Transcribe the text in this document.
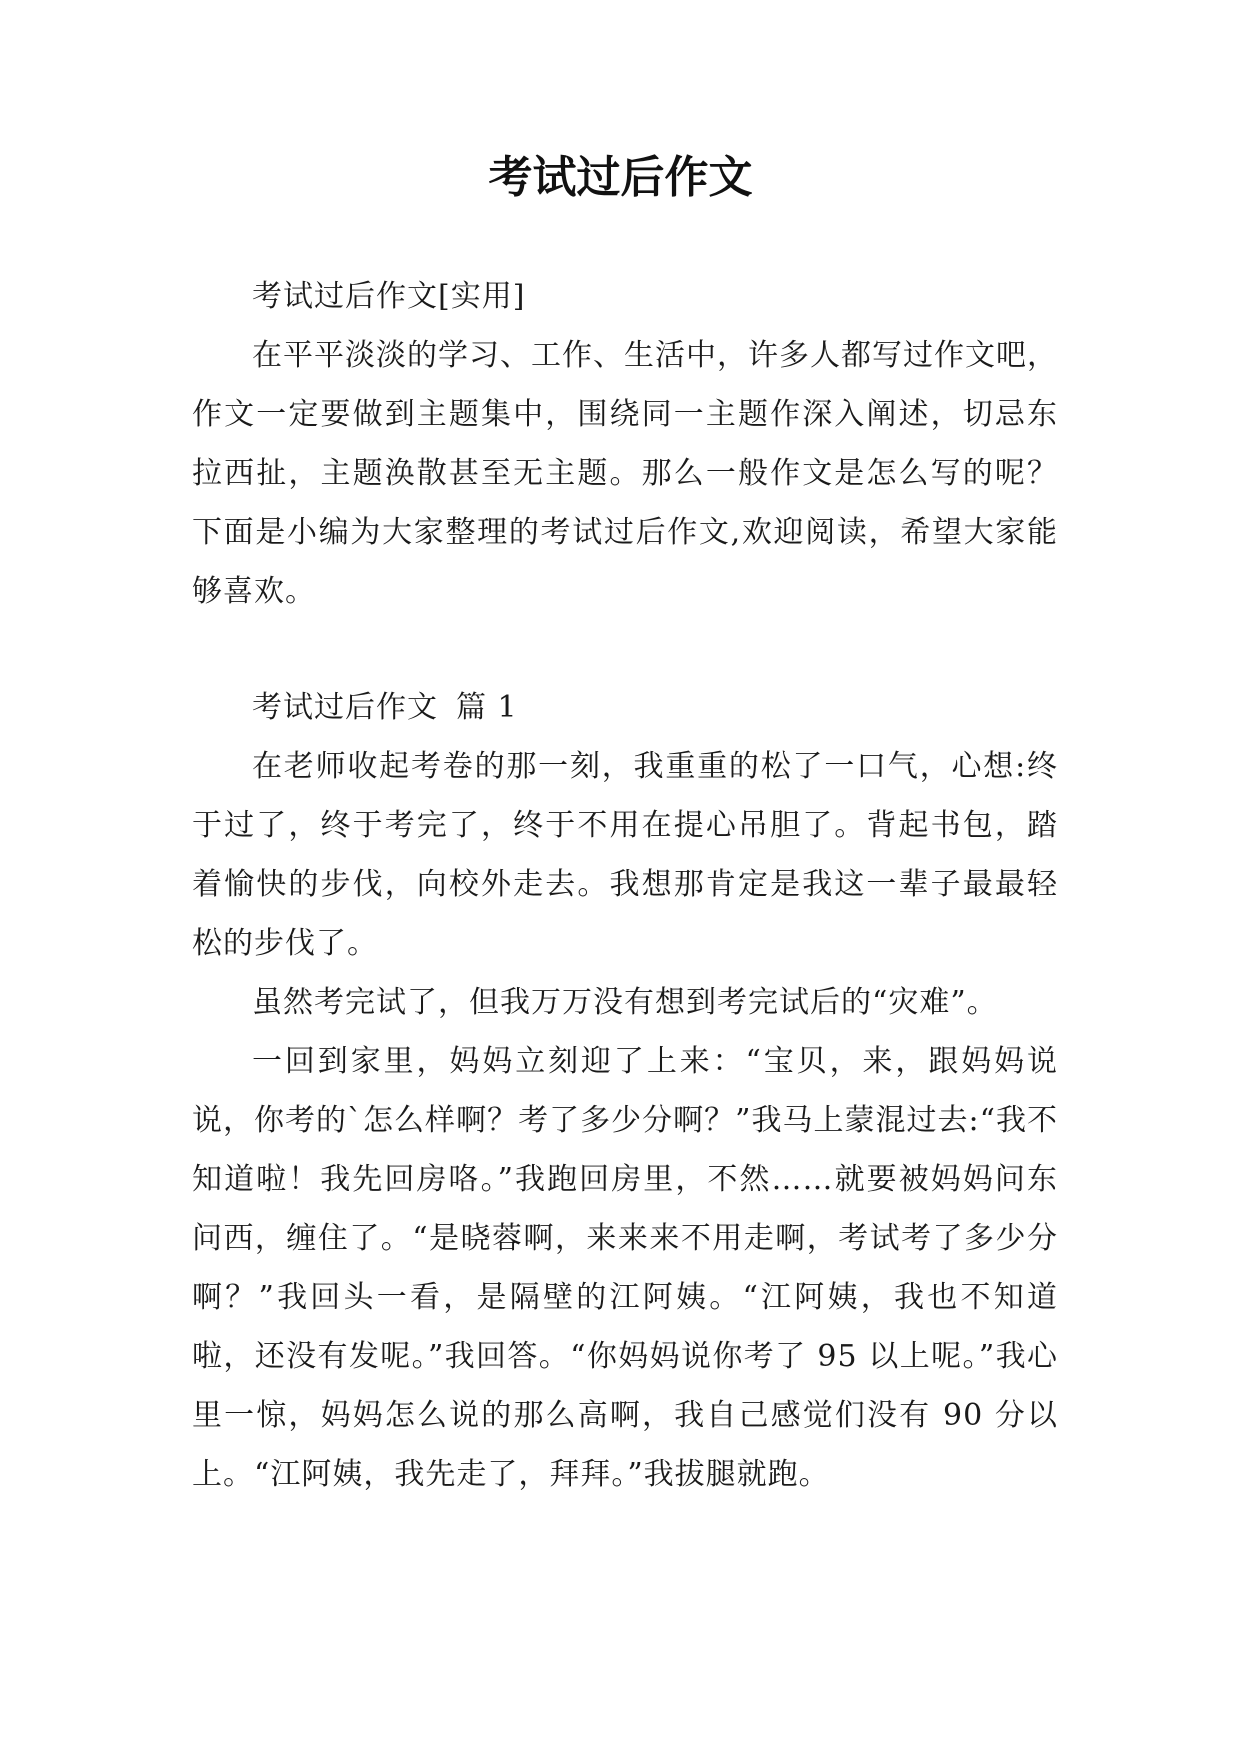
考试过后作文

考试过后作文[实用]

在平平淡淡的学习、工作、生活中，许多人都写过作文吧，作文一定要做到主题集中，围绕同一主题作深入阐述，切忌东拉西扯，主题涣散甚至无主题。那么一般作文是怎么写的呢？下面是小编为大家整理的考试过后作文,欢迎阅读，希望大家能够喜欢。

考试过后作文 篇 1

在老师收起考卷的那一刻，我重重的松了一口气，心想:终于过了，终于考完了，终于不用在提心吊胆了。背起书包，踏着愉快的步伐，向校外走去。我想那肯定是我这一辈子最最轻松的步伐了。

虽然考完试了，但我万万没有想到考完试后的“灾难”。

一回到家里，妈妈立刻迎了上来：“宝贝，来，跟妈妈说说，你考的`怎么样啊？考了多少分啊？”我马上蒙混过去:“我不知道啦！我先回房咯。”我跑回房里，不然……就要被妈妈问东问西，缠住了。“是晓蓉啊，来来来不用走啊，考试考了多少分啊？”我回头一看，是隔壁的江阿姨。“江阿姨，我也不知道啦，还没有发呢。”我回答。“你妈妈说你考了 95 以上呢。”我心里一惊，妈妈怎么说的那么高啊，我自己感觉们没有 90 分以上。“江阿姨，我先走了，拜拜。”我拔腿就跑。
